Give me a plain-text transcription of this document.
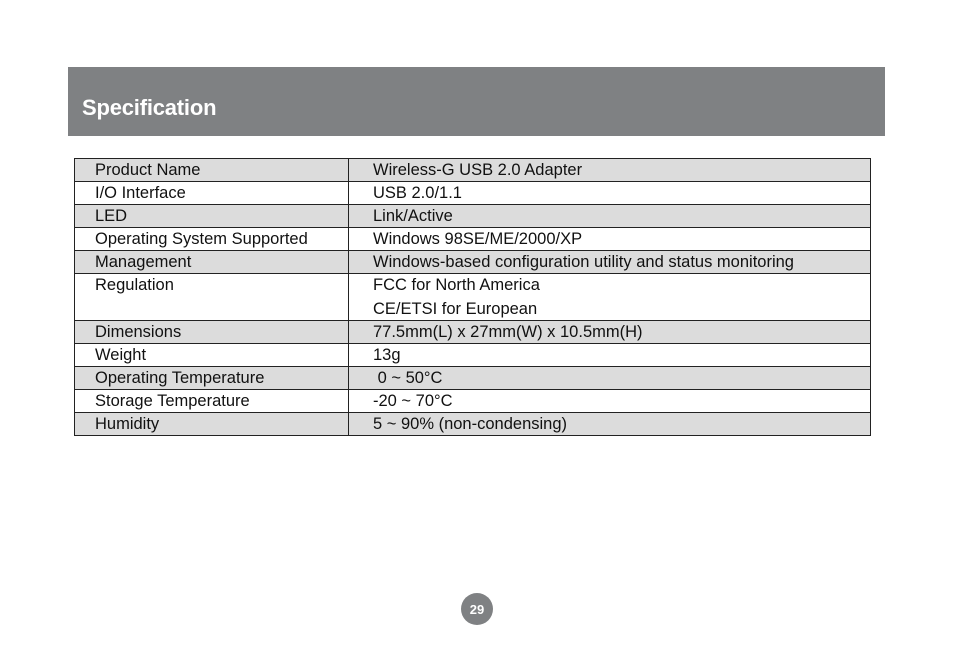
Specification
Product Name	Wireless-G USB 2.0 Adapter
I/O Interface	USB 2.0/1.1
LED	Link/Active
Operating System Supported	Windows 98SE/ME/2000/XP
Management	Windows-based configuration utility and status monitoring
Regulation	FCC for North America
CE/ETSI for European

Dimensions	77.5mm(L) x 27mm(W) x 10.5mm(H)
Weight	13g
Operating Temperature	0 ~ 50°C
Storage Temperature	-20 ~ 70°C
Humidity	5 ~ 90% (non-condensing)
29
